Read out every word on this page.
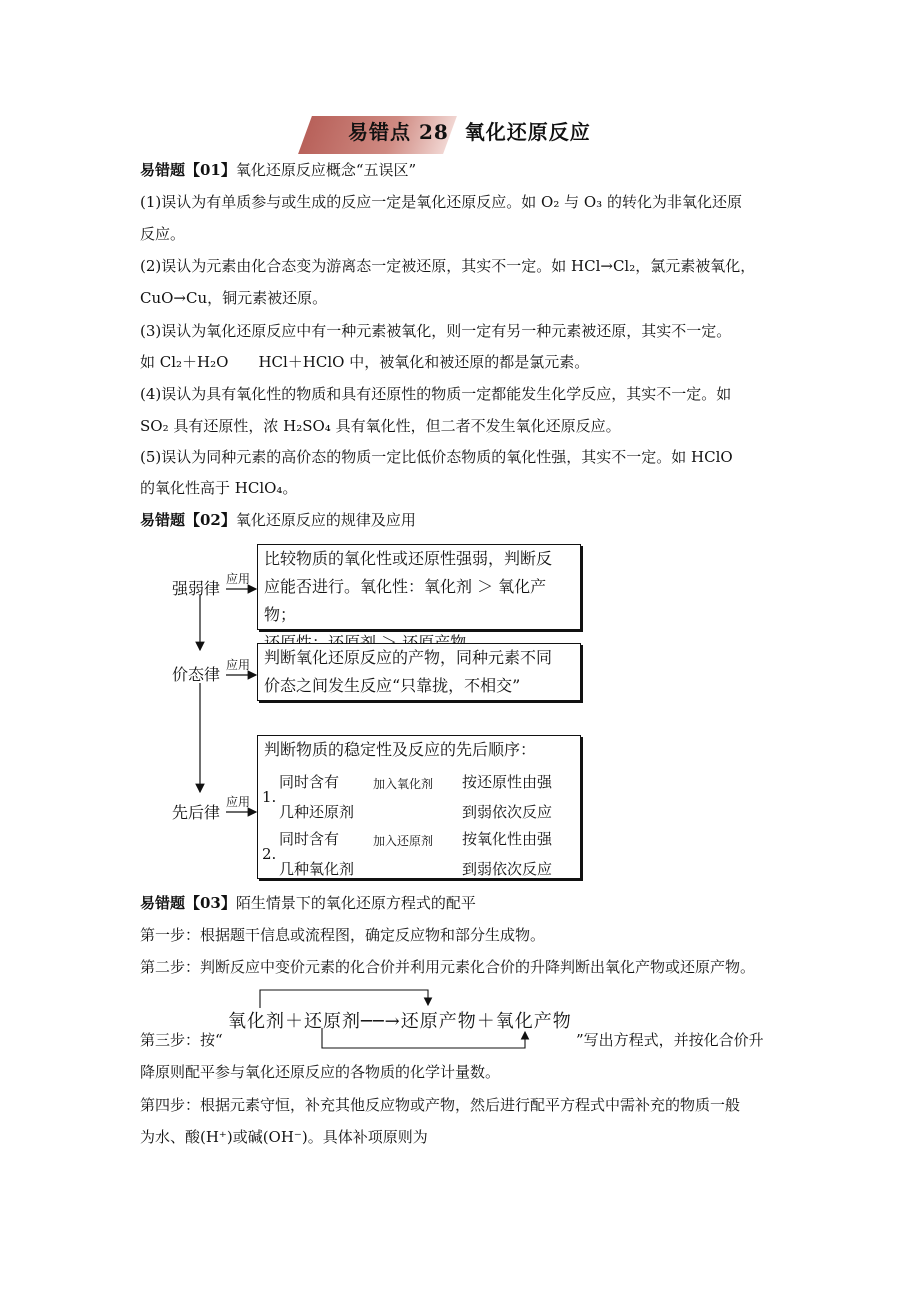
易错点 28 氧化还原反应
易错题【01】氧化还原反应概念“五误区”
(1)误认为有单质参与或生成的反应一定是氧化还原反应。如 O₂ 与 O₃ 的转化为非氧化还原
反应。
(2)误认为元素由化合态变为游离态一定被还原，其实不一定。如 HCl→Cl₂，氯元素被氧化，
CuO→Cu，铜元素被还原。
(3)误认为氧化还原反应中有一种元素被氧化，则一定有另一种元素被还原，其实不一定。
如 Cl₂＋H₂O　　HCl＋HClO 中，被氧化和被还原的都是氯元素。
(4)误认为具有氧化性的物质和具有还原性的物质一定都能发生化学反应，其实不一定。如
SO₂ 具有还原性，浓 H₂SO₄ 具有氧化性，但二者不发生氧化还原反应。
(5)误认为同种元素的高价态的物质一定比低价态物质的氧化性强，其实不一定。如 HClO
的氧化性高于 HClO₄。
易错题【02】氧化还原反应的规律及应用
强弱律 应用
价态律 应用
先后律
应用
比较物质的氧化性或还原性强弱，判断反
应能否进行。氧化性：氧化剂 ＞ 氧化产物；
判断氧化还原反应的产物，同种元素不同
价态之间发生反应“只靠拢，不相交”
判断物质的稳定性及反应的先后顺序：
1.
同时含有
几种还原剂
加入氧化剂 按还原性由强
到弱依次反应
2.
同时含有
几种氧化剂
加入还原剂 按氧化性由强
到弱依次反应
易错题【03】陌生情景下的氧化还原方程式的配平
第一步：根据题干信息或流程图，确定反应物和部分生成物。
第二步：判断反应中变价元素的化合价并利用元素化合价的升降判断出氧化产物或还原产物。
氧化剂＋还原剂──→还原产物＋氧化产物
第三步：按“	”写出方程式，并按化合价升
降原则配平参与氧化还原反应的各物质的化学计量数。
第四步：根据元素守恒，补充其他反应物或产物，然后进行配平方程式中需补充的物质一般
为水、酸(H⁺)或碱(OH⁻)。具体补项原则为
